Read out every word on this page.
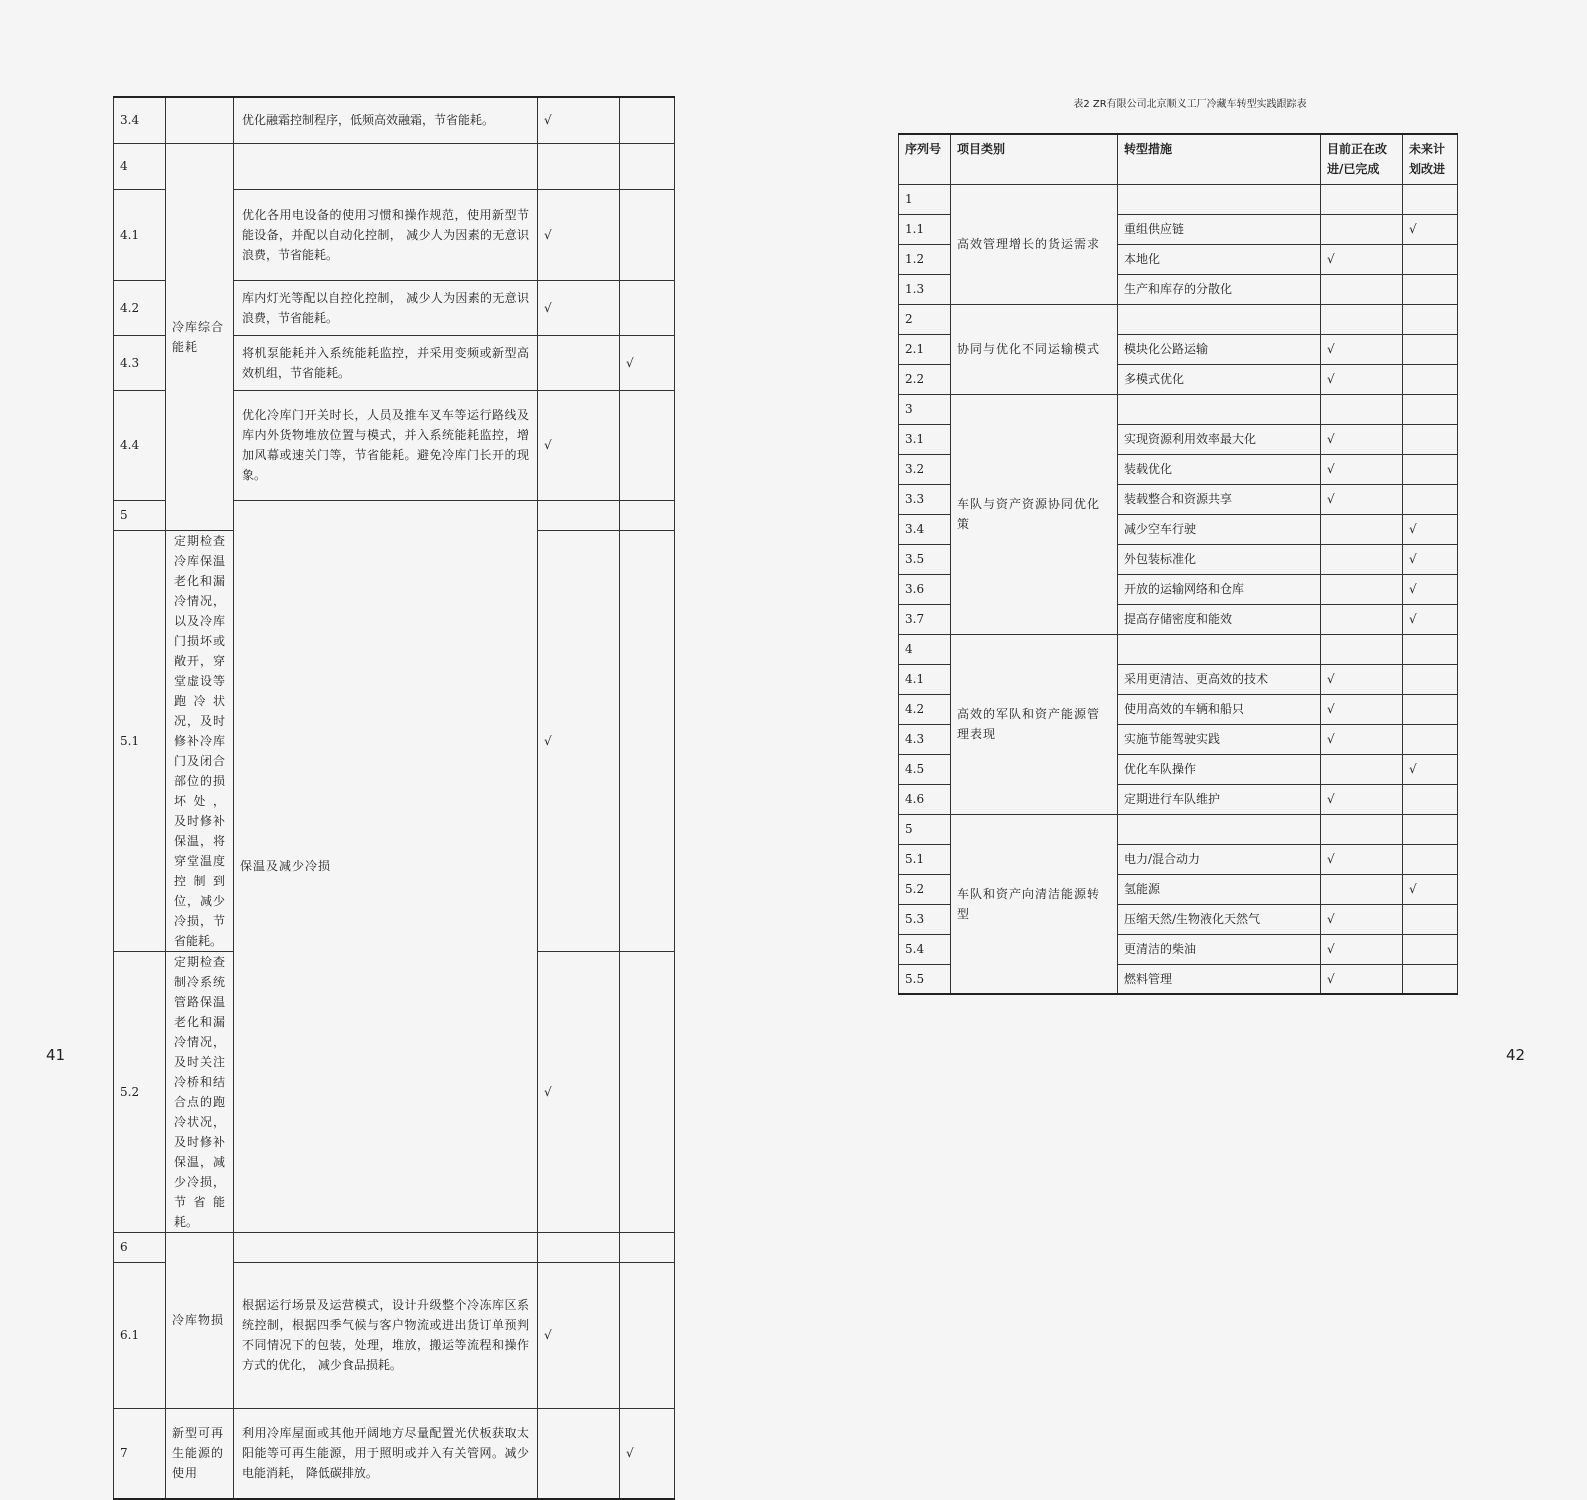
3.4		优化融霜控制程序，低频高效融霜，节省能耗。	√		
4	冷库综合能耗				
4.1		优化各用电设备的使用习惯和操作规范，使用新型节能设备，并配以自动化控制， 减少人为因素的无意识浪费，节省能耗。	√		
4.2		库内灯光等配以自控化控制， 减少人为因素的无意识浪费，节省能耗。	√		
4.3		将机泵能耗并入系统能耗监控，并采用变频或新型高效机组，节省能耗。		√	
4.4		优化冷库门开关时长，人员及推车叉车等运行路线及库内外货物堆放位置与模式，并入系统能耗监控，增加风幕或速关门等，节省能耗。避免冷库门长开的现象。	√		
5		保温及减少冷损			
5.1	定期检查冷库保温老化和漏冷情况，以及冷库门损坏或敞开，穿堂虚设等跑冷状况，及时修补冷库门及闭合部位的损坏处， 及时修补保温，将穿堂温度控制到位，减少冷损，节省能耗。		√		
5.2	定期检查制冷系统管路保温老化和漏冷情况，及时关注冷桥和结合点的跑冷状况，及时修补保温，减少冷损，节省能耗。		√		
6	冷库物损				
6.1		根据运行场景及运营模式，设计升级整个冷冻库区系统控制，根据四季气候与客户物流或进出货订单预判不同情况下的包装，处理，堆放，搬运等流程和操作方式的优化， 减少食品损耗。	√		
7	新型可再生能源的使用	利用冷库屋面或其他开阔地方尽量配置光伏板获取太阳能等可再生能源，用于照明或并入有关管网。减少电能消耗， 降低碳排放。		√	
41
表2 ZR有限公司北京顺义工厂冷藏车转型实践跟踪表
序列号	项目类别	转型措施	目前正在改进/已完成	未来计划改进
1	高效管理增长的货运需求			
1.1		重组供应链		√
1.2		本地化	√	
1.3		生产和库存的分散化		
2	协同与优化不同运输模式			
2.1		模块化公路运输	√	
2.2		多模式优化	√	
3	车队与资产资源协同优化策			
3.1		实现资源利用效率最大化	√	
3.2		装载优化	√	
3.3		装载整合和资源共享	√	
3.4		减少空车行驶		√
3.5		外包装标准化		√
3.6		开放的运输网络和仓库		√
3.7		提高存储密度和能效		√
4	高效的军队和资产能源管理表现			
4.1		采用更清洁、更高效的技术	√	
4.2		使用高效的车辆和船只	√	
4.3		实施节能驾驶实践	√	
4.5		优化车队操作		√
4.6		定期进行车队维护	√	
5	车队和资产向清洁能源转型			
5.1		电力/混合动力	√	
5.2		氢能源		√
5.3		压缩天然/生物液化天然气	√	
5.4		更清洁的柴油	√	
5.5		燃料管理	√	
42
